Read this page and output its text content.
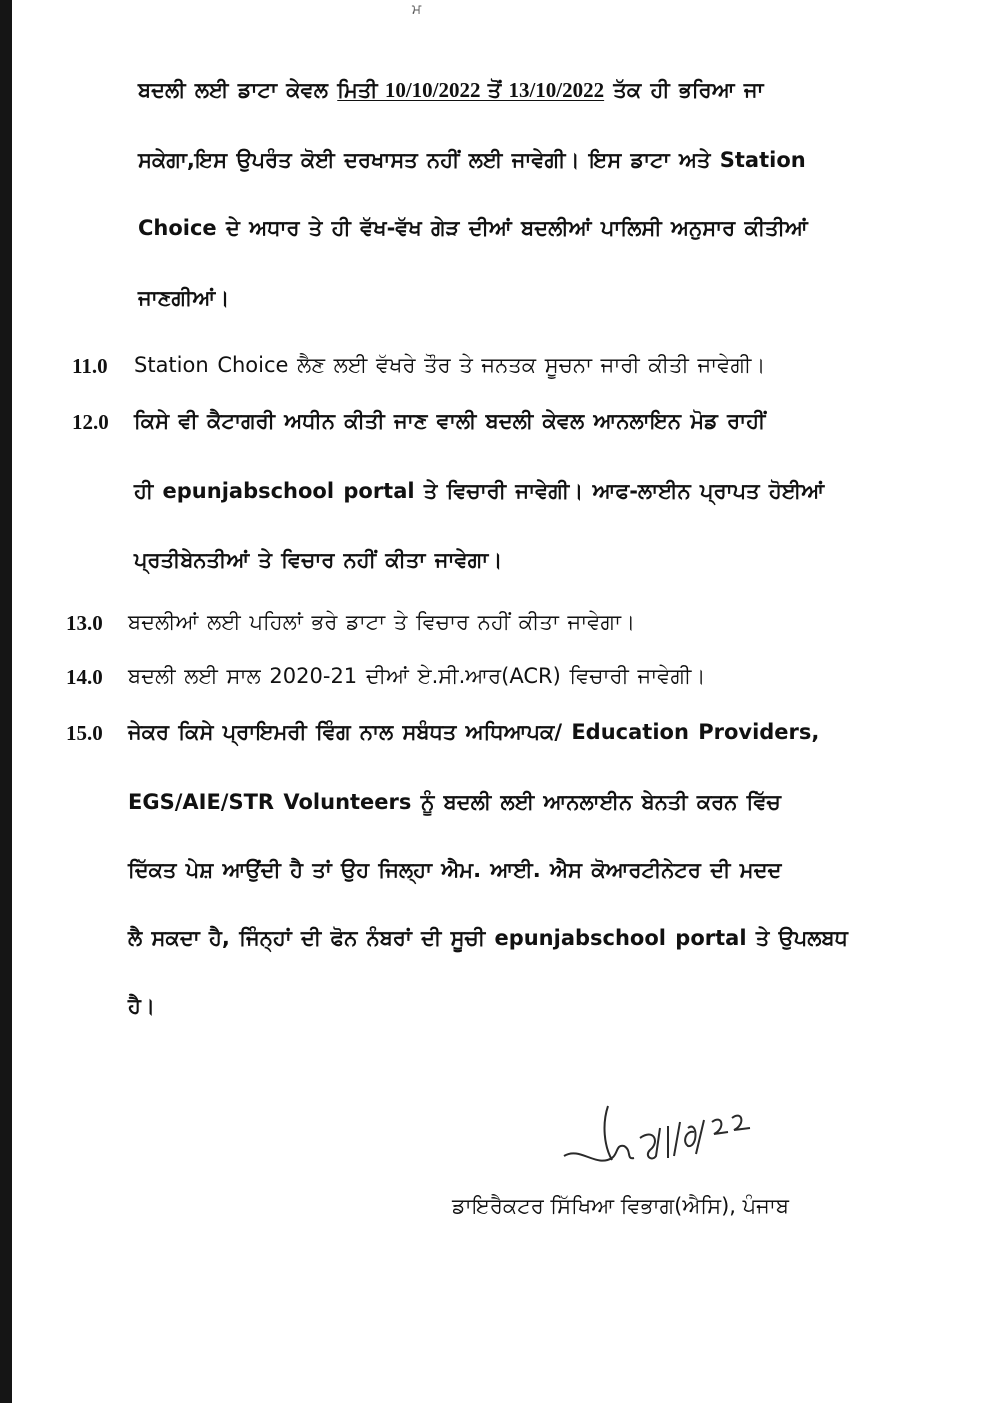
ਮ
ਬਦਲੀ ਲਈ ਡਾਟਾ ਕੇਵਲ ਮਿਤੀ 10/10/2022 ਤੋਂ 13/10/2022 ਤੱਕ ਹੀ ਭਰਿਆ ਜਾ
ਸਕੇਗਾ,ਇਸ ਉਪਰੰਤ ਕੋਈ ਦਰਖਾਸਤ ਨਹੀਂ ਲਈ ਜਾਵੇਗੀ। ਇਸ ਡਾਟਾ ਅਤੇ Station
Choice ਦੇ ਅਧਾਰ ਤੇ ਹੀ ਵੱਖ-ਵੱਖ ਗੇੜ ਦੀਆਂ ਬਦਲੀਆਂ ਪਾਲਿਸੀ ਅਨੁਸਾਰ ਕੀਤੀਆਂ
ਜਾਣਗੀਆਂ।
11.0 Station Choice ਲੈਣ ਲਈ ਵੱਖਰੇ ਤੌਰ ਤੇ ਜਨਤਕ ਸੂਚਨਾ ਜਾਰੀ ਕੀਤੀ ਜਾਵੇਗੀ।
12.0 ਕਿਸੇ ਵੀ ਕੈਟਾਗਰੀ ਅਧੀਨ ਕੀਤੀ ਜਾਣ ਵਾਲੀ ਬਦਲੀ ਕੇਵਲ ਆਨਲਾਇਨ ਮੋਡ ਰਾਹੀਂ
ਹੀ epunjabschool portal ਤੇ ਵਿਚਾਰੀ ਜਾਵੇਗੀ। ਆਫ-ਲਾਈਨ ਪ੍ਰਾਪਤ ਹੋਈਆਂ
ਪ੍ਰਤੀਬੇਨਤੀਆਂ ਤੇ ਵਿਚਾਰ ਨਹੀਂ ਕੀਤਾ ਜਾਵੇਗਾ।
13.0 ਬਦਲੀਆਂ ਲਈ ਪਹਿਲਾਂ ਭਰੇ ਡਾਟਾ ਤੇ ਵਿਚਾਰ ਨਹੀਂ ਕੀਤਾ ਜਾਵੇਗਾ।
14.0 ਬਦਲੀ ਲਈ ਸਾਲ 2020-21 ਦੀਆਂ ਏ.ਸੀ.ਆਰ(ACR) ਵਿਚਾਰੀ ਜਾਵੇਗੀ।
15.0 ਜੇਕਰ ਕਿਸੇ ਪ੍ਰਾਇਮਰੀ ਵਿੰਗ ਨਾਲ ਸਬੰਧਤ ਅਧਿਆਪਕ/ Education Providers,
EGS/AIE/STR Volunteers ਨੂੰ ਬਦਲੀ ਲਈ ਆਨਲਾਈਨ ਬੇਨਤੀ ਕਰਨ ਵਿੱਚ
ਦਿੱਕਤ ਪੇਸ਼ ਆਉਂਦੀ ਹੈ ਤਾਂ ਉਹ ਜਿਲ੍ਹਾ ਐਮ. ਆਈ. ਐਸ ਕੋਆਰਟੀਨੇਟਰ ਦੀ ਮਦਦ
ਲੈ ਸਕਦਾ ਹੈ, ਜਿੰਨ੍ਹਾਂ ਦੀ ਫੋਨ ਨੰਬਰਾਂ ਦੀ ਸੂਚੀ epunjabschool portal ਤੇ ਉਪਲਬਧ
ਹੈ।
ਡਾਇਰੈਕਟਰ ਸਿੱਖਿਆ ਵਿਭਾਗ(ਐਸਿ), ਪੰਜਾਬ
